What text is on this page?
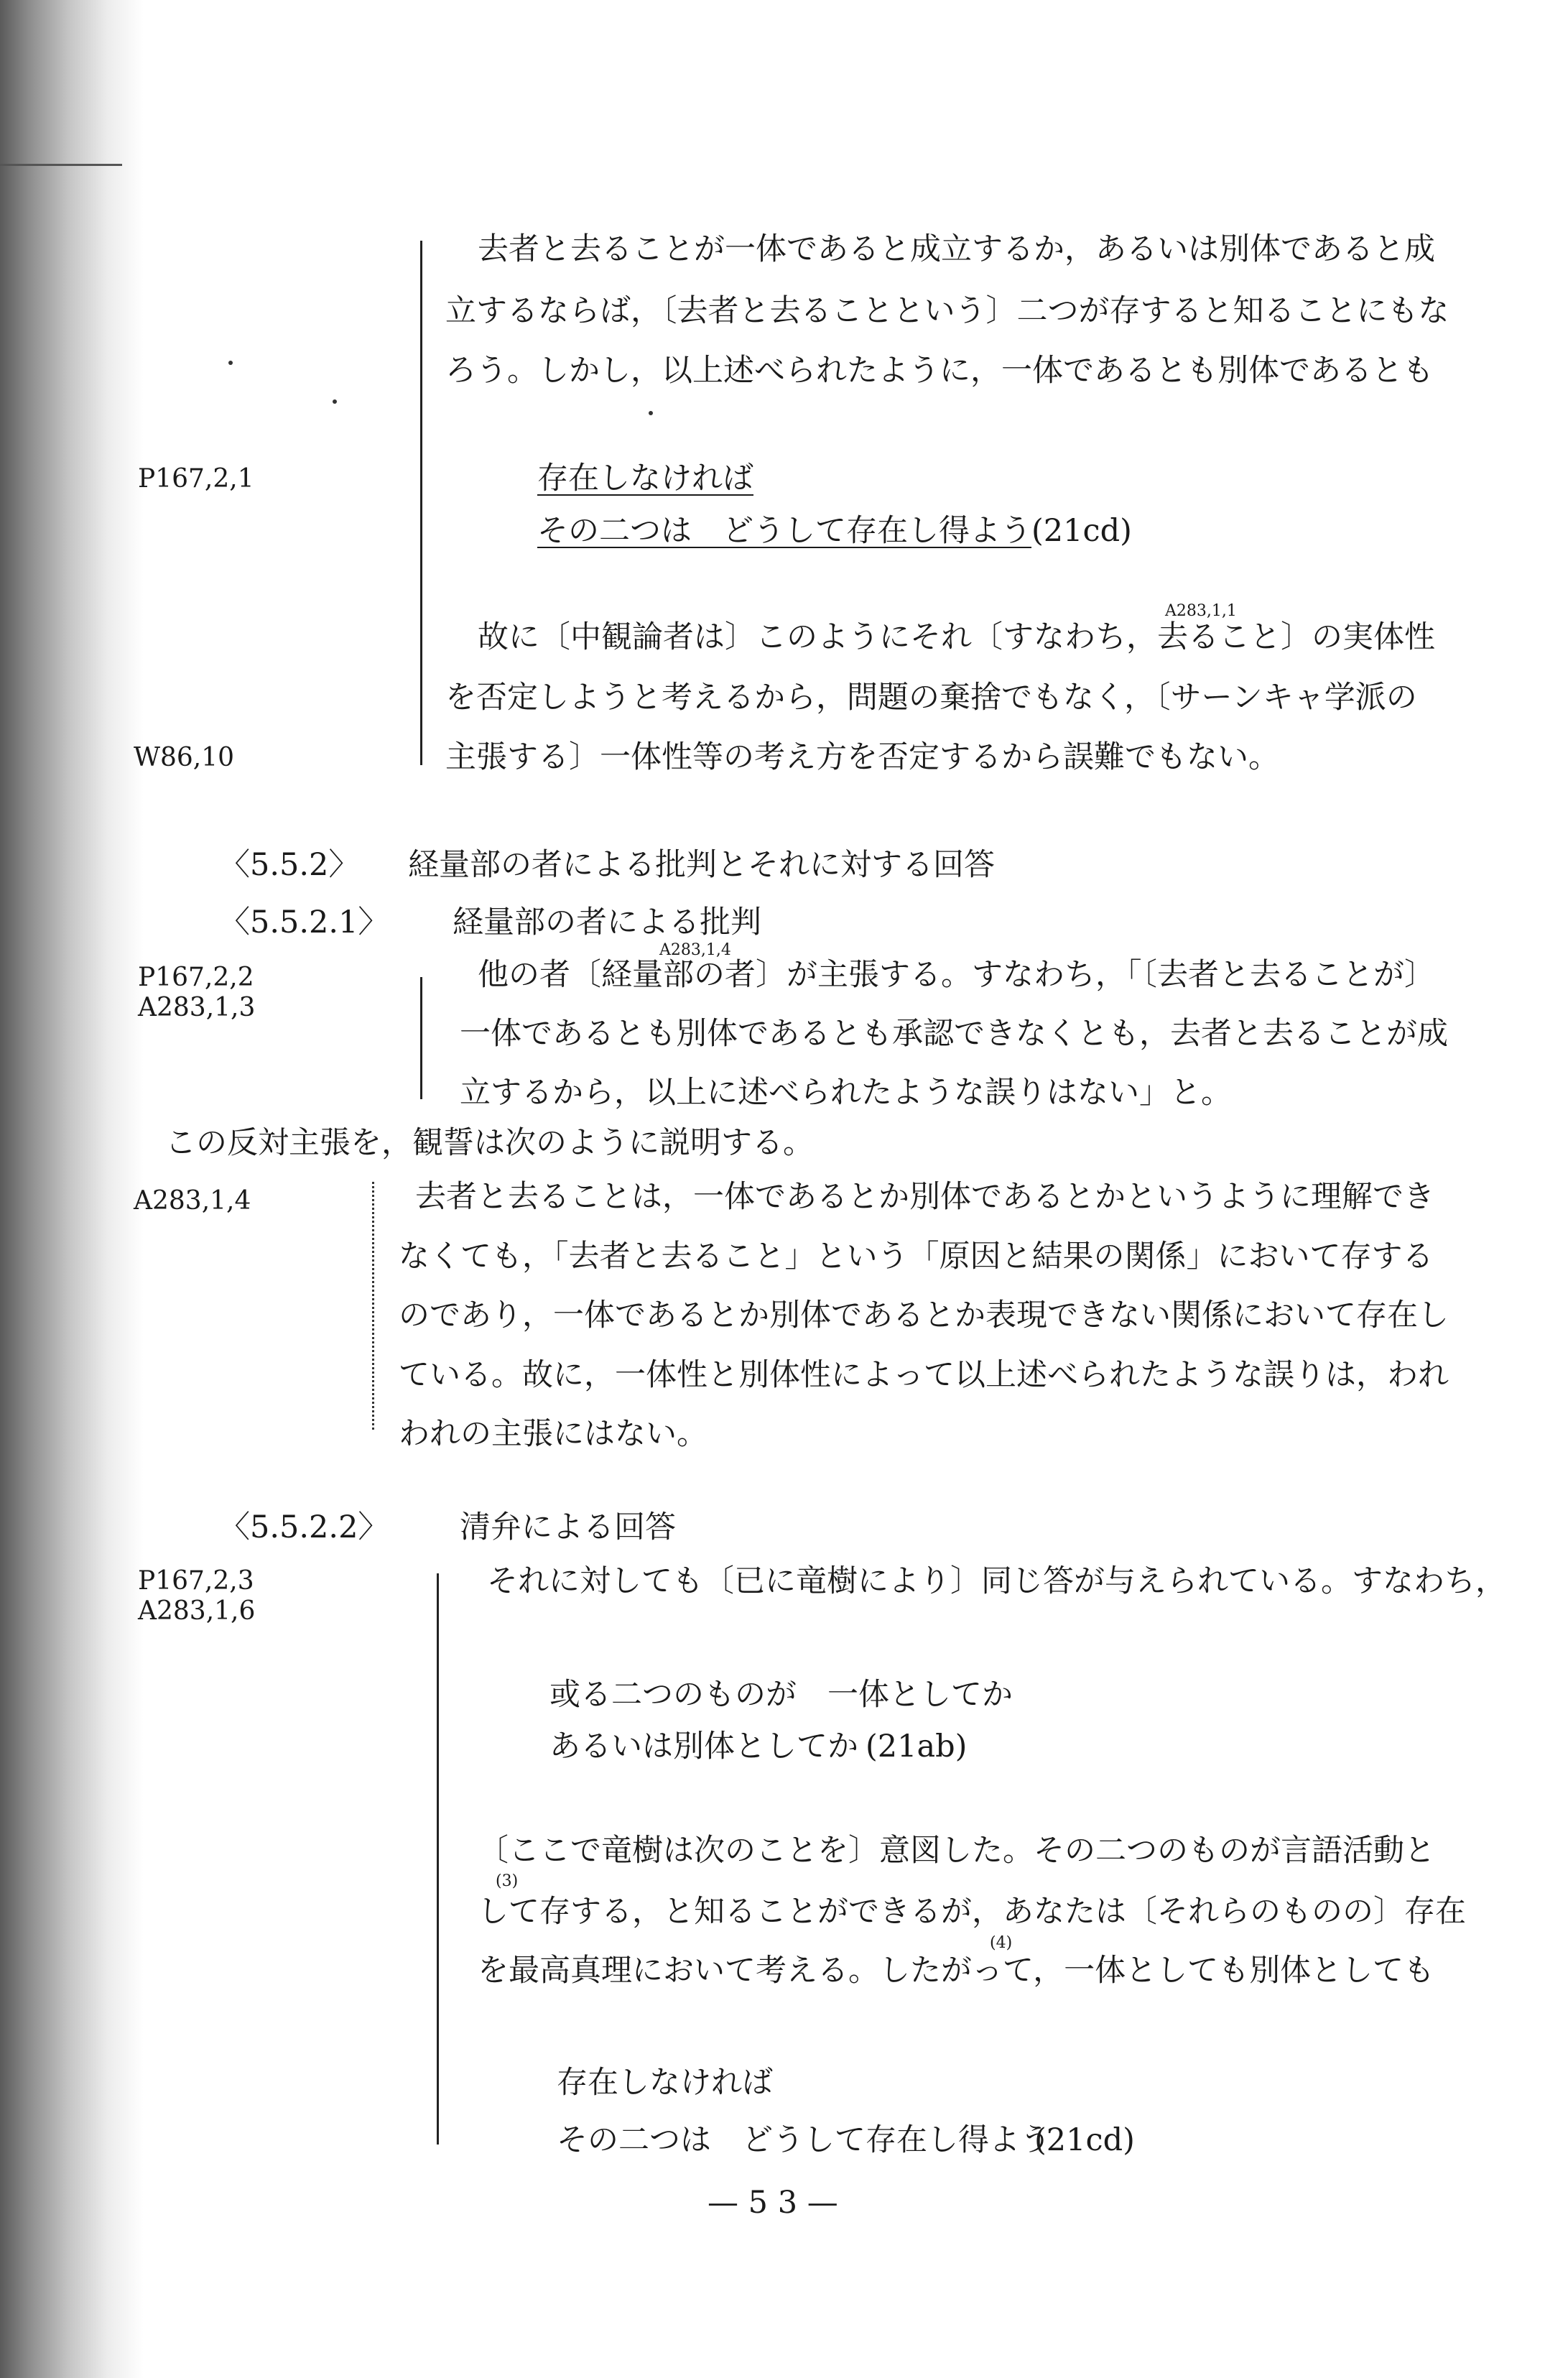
去者と去ることが一体であると成立するか，あるいは別体であると成
立するならば，〔去者と去ることという〕二つが存すると知ることにもな
ろう。しかし，以上述べられたように，一体であるとも別体であるとも
P167,2,1	存在しなければ
その二つは　どうして存在し得よう (21cd)
A283,1,1
故に〔中観論者は〕このようにそれ〔すなわち，去ること〕の実体性
を否定しようと考えるから，問題の棄捨でもなく，〔サーンキャ学派の
主張する〕一体性等の考え方を否定するから誤難でもない。
W86,10
〈5.5.2〉 経量部の者による批判とそれに対する回答
〈5.5.2.1〉 経量部の者による批判
P167,2,2
A283,1,3
A283,1,4
他の者〔経量部の者〕が主張する。すなわち，「〔去者と去ることが〕
一体であるとも別体であるとも承認できなくとも，去者と去ることが成
立するから，以上に述べられたような誤りはない」と。
この反対主張を，観誓は次のように説明する。
A283,1,4	去者と去ることは，一体であるとか別体であるとかというように理解でき
なくても，「去者と去ること」という「原因と結果の関係」において存する
のであり，一体であるとか別体であるとか表現できない関係において存在し
ている。故に，一体性と別体性によって以上述べられたような誤りは，われ
われの主張にはない。
〈5.5.2.2〉 清弁による回答
P167,2,3
A283,1,6
それに対しても〔已に竜樹により〕同じ答が与えられている。すなわち，
或る二つのものが　一体としてか
あるいは別体としてか (21ab)
〔ここで竜樹は次のことを〕意図した。その二つのものが言語活動と
(3)
して存する，と知ることができるが，あなたは〔それらのものの〕存在
(4)
を最高真理において考える。したがって，一体としても別体としても
存在しなければ
その二つは　どうして存在し得よう
(21cd)
— 5 3 —
